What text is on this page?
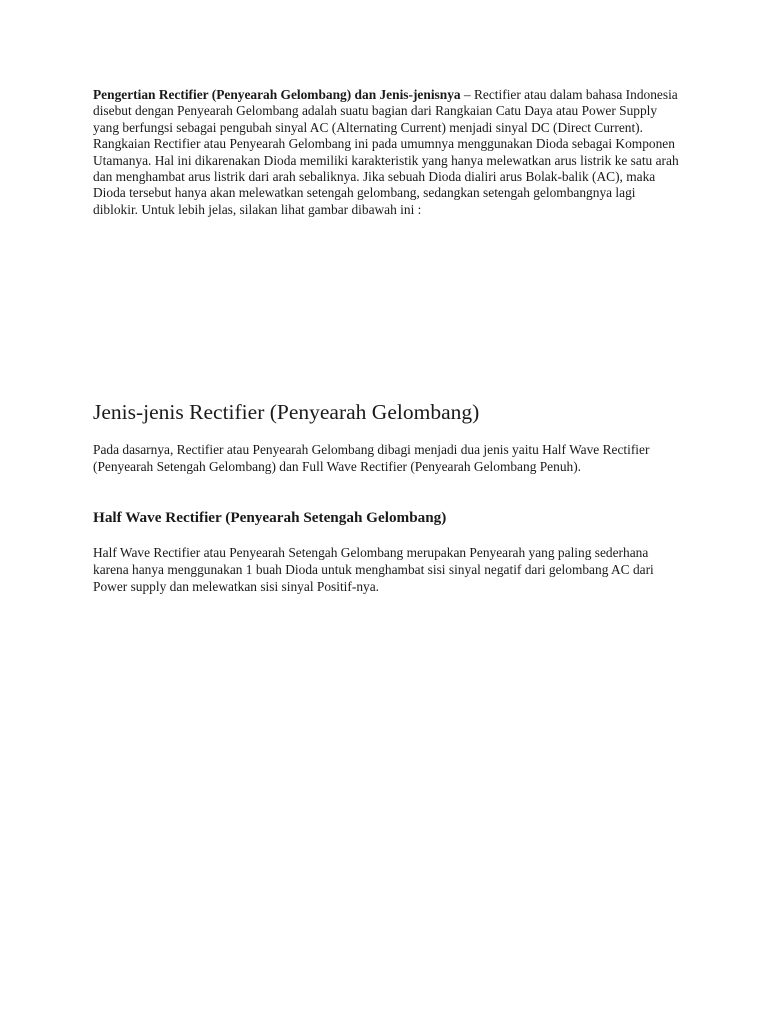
Pengertian Rectifier (Penyearah Gelombang) dan Jenis-jenisnya – Rectifier atau dalam bahasa Indonesia disebut dengan Penyearah Gelombang adalah suatu bagian dari Rangkaian Catu Daya atau Power Supply yang berfungsi sebagai pengubah sinyal AC (Alternating Current) menjadi sinyal DC (Direct Current). Rangkaian Rectifier atau Penyearah Gelombang ini pada umumnya menggunakan Dioda sebagai Komponen Utamanya. Hal ini dikarenakan Dioda memiliki karakteristik yang hanya melewatkan arus listrik ke satu arah dan menghambat arus listrik dari arah sebaliknya. Jika sebuah Dioda dialiri arus Bolak-balik (AC), maka Dioda tersebut hanya akan melewatkan setengah gelombang, sedangkan setengah gelombangnya lagi diblokir. Untuk lebih jelas, silakan lihat gambar dibawah ini :

Jenis-jenis Rectifier (Penyearah Gelombang)

Pada dasarnya, Rectifier atau Penyearah Gelombang dibagi menjadi dua jenis yaitu Half Wave Rectifier (Penyearah Setengah Gelombang) dan Full Wave Rectifier (Penyearah Gelombang Penuh).

Half Wave Rectifier (Penyearah Setengah Gelombang)

Half Wave Rectifier atau Penyearah Setengah Gelombang merupakan Penyearah yang paling sederhana karena hanya menggunakan 1 buah Dioda untuk menghambat sisi sinyal negatif dari gelombang AC dari Power supply dan melewatkan sisi sinyal Positif-nya.
